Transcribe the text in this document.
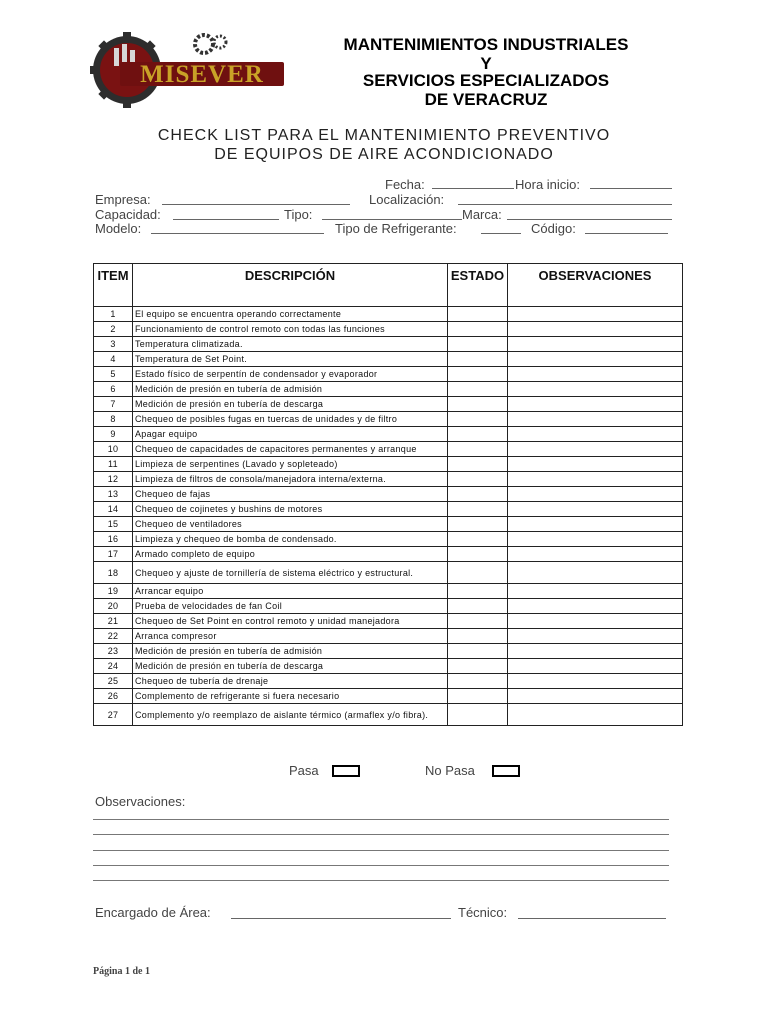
MISEVER
MANTENIMIENTOS INDUSTRIALES
Y
SERVICIOS ESPECIALIZADOS
DE VERACRUZ
CHECK LIST PARA EL MANTENIMIENTO PREVENTIVO
DE EQUIPOS DE AIRE ACONDICIONADO
Fecha:	Hora inicio:
Empresa:	Localización:
Capacidad:	Tipo:	Marca:
Modelo:	Tipo de Refrigerante:	Código:
ITEM	DESCRIPCIÓN	ESTADO	OBSERVACIONES
1	El equipo se encuentra operando correctamente		
2	Funcionamiento de control remoto con todas las funciones		
3	Temperatura climatizada.		
4	Temperatura de Set Point.		
5	Estado físico de serpentín de condensador y evaporador		
6	Medición de presión en tubería de admisión		
7	Medición de presión en tubería de descarga		
8	Chequeo de posibles fugas en tuercas de unidades y de filtro		
9	Apagar equipo		
10	Chequeo de capacidades de capacitores permanentes y arranque		
11	Limpieza de serpentines (Lavado y sopleteado)		
12	Limpieza de filtros de consola/manejadora interna/externa.		
13	Chequeo de fajas		
14	Chequeo de cojinetes y bushins de motores		
15	Chequeo de ventiladores		
16	Limpieza y chequeo de bomba de condensado.		
17	Armado completo de equipo		
18	Chequeo y ajuste de tornillería de sistema eléctrico y estructural.		
19	Arrancar equipo		
20	Prueba de velocidades de fan Coil		
21	Chequeo de Set Point en control remoto y unidad manejadora		
22	Arranca compresor		
23	Medición de presión en tubería de admisión		
24	Medición de presión en tubería de descarga		
25	Chequeo de tubería de drenaje		
26	Complemento de refrigerante si fuera necesario		
27	Complemento y/o reemplazo de aislante térmico (armaflex y/o fibra).		
Pasa	No Pasa
Observaciones:
Encargado de Área:	Técnico:
Página 1 de 1
